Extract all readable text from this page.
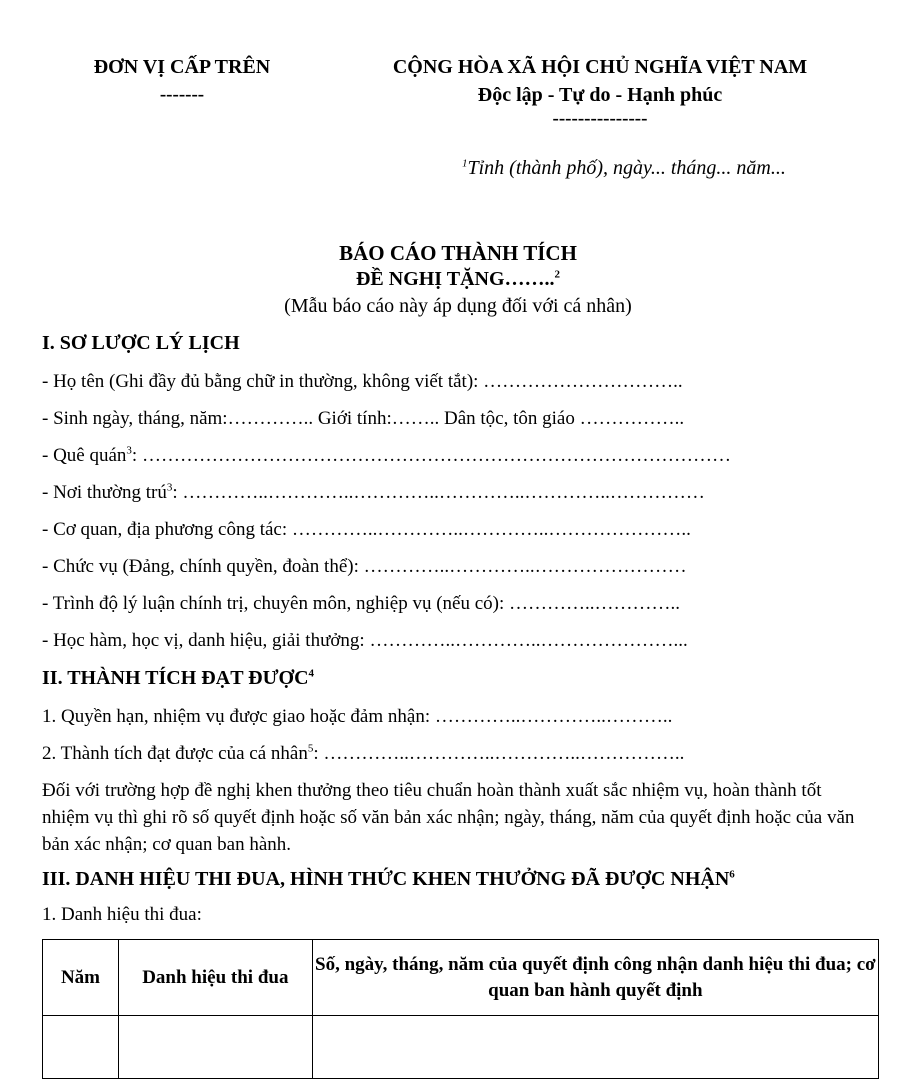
ĐƠN VỊ CẤP TRÊN
-------
CỘNG HÒA XÃ HỘI CHỦ NGHĨA VIỆT NAM
Độc lập - Tự do - Hạnh phúc
---------------
$^1$Tỉnh (thành phố), ngày... tháng... năm...
BÁO CÁO THÀNH TÍCH
ĐỀ NGHỊ TẶNG……..$^2$
(Mẫu báo cáo này áp dụng đối với cá nhân)
I. SƠ LƯỢC LÝ LỊCH
- Họ tên (Ghi đầy đủ bằng chữ in thường, không viết tắt): …………………………..
- Sinh ngày, tháng, năm:………….. Giới tính:…….. Dân tộc, tôn giáo ……………..
- Quê quán$^3$: …………………………………………………………………………………
- Nơi thường trú$^3$: …………..…………..…………..…………..…………..……………
- Cơ quan, địa phương công tác: …………..…………..…………..…………………..
- Chức vụ (Đảng, chính quyền, đoàn thể): …………..…………..……………………
- Trình độ lý luận chính trị, chuyên môn, nghiệp vụ (nếu có): …………..…………..
- Học hàm, học vị, danh hiệu, giải thưởng: …………..…………..…………………...
II. THÀNH TÍCH ĐẠT ĐƯỢC$^4$
1. Quyền hạn, nhiệm vụ được giao hoặc đảm nhận: …………..…………..………..
2. Thành tích đạt được của cá nhân$^5$: …………..…………..…………..……………..
Đối với trường hợp đề nghị khen thưởng theo tiêu chuẩn hoàn thành xuất sắc nhiệm vụ, hoàn thành tốt nhiệm vụ thì ghi rõ số quyết định hoặc số văn bản xác nhận; ngày, tháng, năm của quyết định hoặc của văn bản xác nhận; cơ quan ban hành.
III. DANH HIỆU THI ĐUA, HÌNH THỨC KHEN THƯỞNG ĐÃ ĐƯỢC NHẬN$^6$
1. Danh hiệu thi đua:
Năm	Danh hiệu thi đua	Số, ngày, tháng, năm của quyết định công nhận danh hiệu thi đua; cơ quan ban hành quyết định
